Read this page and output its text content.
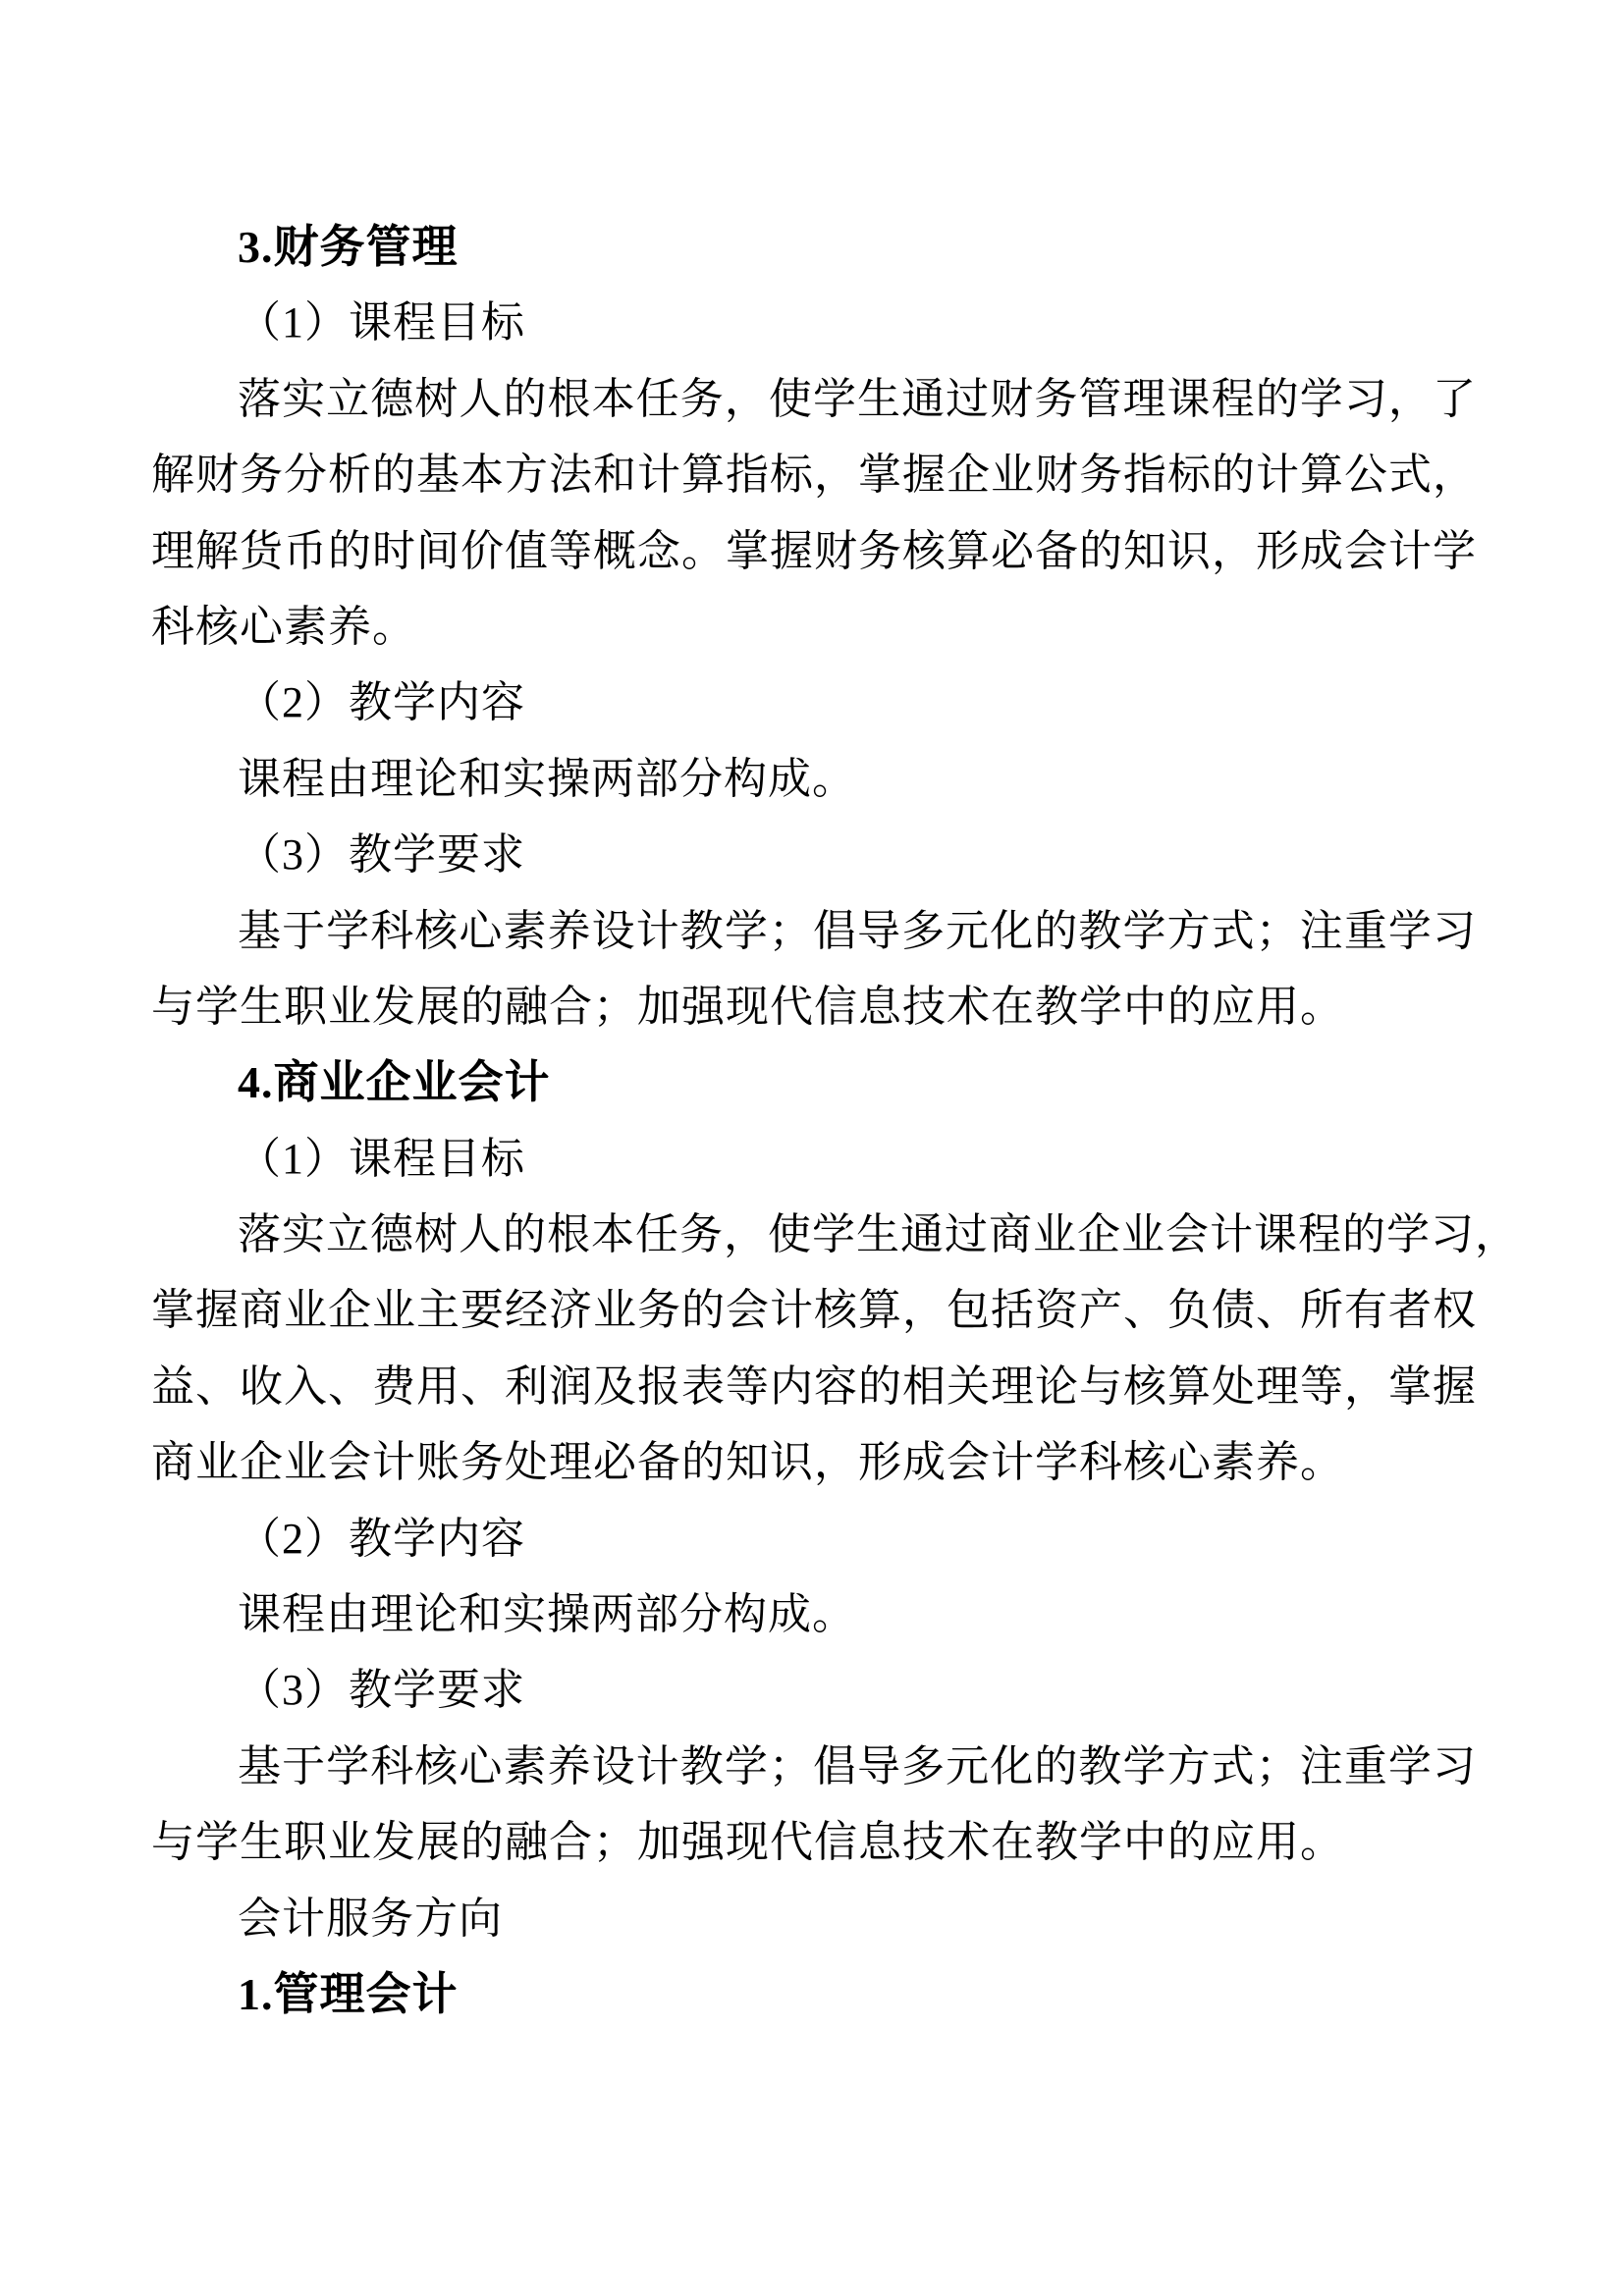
3.财务管理
（1）课程目标
落实立德树人的根本任务，使学生通过财务管理课程的学习，了
解财务分析的基本方法和计算指标，掌握企业财务指标的计算公式，
理解货币的时间价值等概念。掌握财务核算必备的知识，形成会计学
科核心素养。
（2）教学内容
课程由理论和实操两部分构成。
（3）教学要求
基于学科核心素养设计教学；倡导多元化的教学方式；注重学习
与学生职业发展的融合；加强现代信息技术在教学中的应用。
4.商业企业会计
（1）课程目标
落实立德树人的根本任务，使学生通过商业企业会计课程的学习，
掌握商业企业主要经济业务的会计核算，包括资产、负债、所有者权
益、收入、费用、利润及报表等内容的相关理论与核算处理等，掌握
商业企业会计账务处理必备的知识，形成会计学科核心素养。
（2）教学内容
课程由理论和实操两部分构成。
（3）教学要求
基于学科核心素养设计教学；倡导多元化的教学方式；注重学习
与学生职业发展的融合；加强现代信息技术在教学中的应用。
会计服务方向
1.管理会计
